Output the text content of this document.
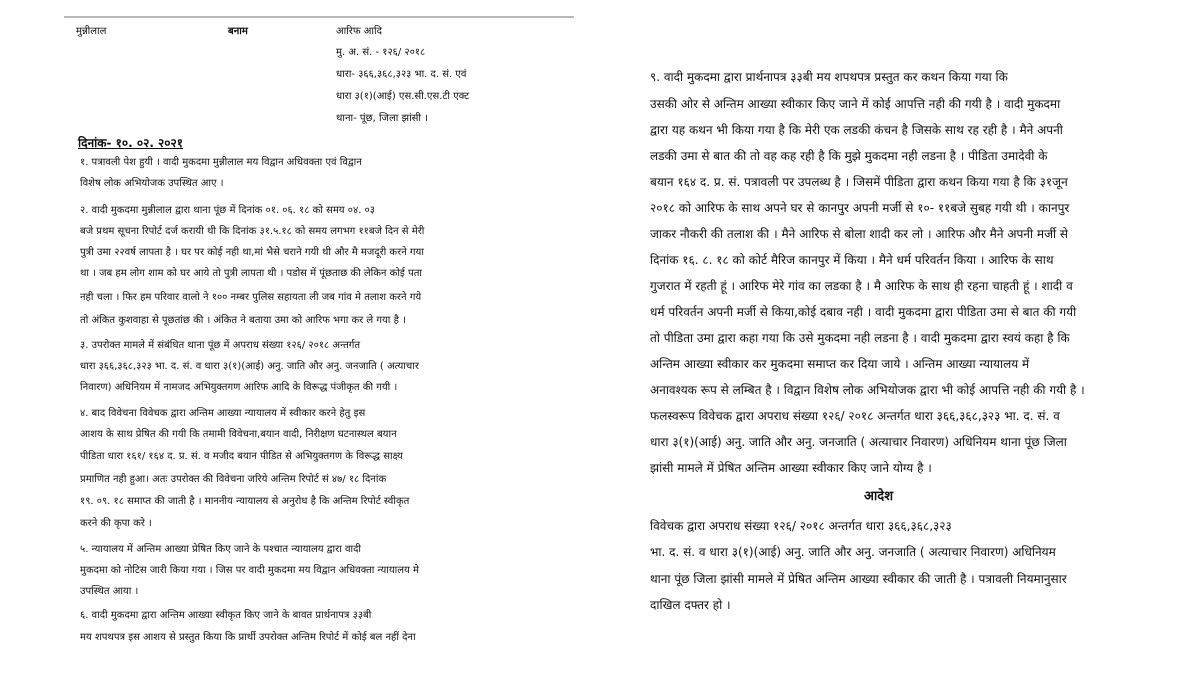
मुन्नीलाल	बनाम	आरिफ आदि
मु. अ. सं. - १२६/ २०१८
धारा- ३६६,३६८,३२३ भा. द. सं. एवं
धारा ३(१)(आई) एस.सी.एस.टी एक्ट
थाना- पूंछ, जिला झांसी ।
दिनांक- १०. ०२. २०२१
१. पत्रावली पेश हुयी । वादी मुकदमा मुन्नीलाल मय विद्वान अधिवक्ता एवं विद्वान
विशेष लोक अभियोजक उपस्थित आए ।
२. वादी मुकदमा मुन्नीलाल द्वारा थाना पूंछ में दिनांक ०१. ०६. १८ को समय ०४. ०३
बजे प्रथम सूचना रिपोर्ट दर्ज करायी थी कि दिनांक ३१.५.१८ को समय लगभग ११बजे दिन से मेरी
पुत्री उमा २२वर्ष लापता है । घर पर कोई नही था,मां भैसे चराने गयी थी और मै मजदूरी करने गया
था । जब हम लोग शाम को घर आये तो पुत्री लापता थी । पडोस में पूंछताछ की लेकिन कोई पता
नही चला । फिर हम परिवार वालो ने १०० नम्बर पुलिस सहायता ली जब गांव मे तलाश करने गये
तो अंकित कुशवाहा से पूछतांछ की । अंकित ने बताया उमा को आरिफ भगा कर ले गया है ।
३. उपरोक्त मामले में संबंधित थाना पूंछ में अपराध संख्या १२६/ २०१८ अन्तर्गत
धारा ३६६,३६८,३२३ भा. द. सं. व धारा ३(१)(आई) अनु. जाति और अनु. जनजाति ( अत्याचार
निवारण) अधिनियम में नामजद अभियुक्तगण आरिफ आदि के विरूद्ध पंजीकृत की गयी ।
४. बाद विवेचना विवेचक द्वारा अन्तिम आख्या न्यायालय में स्वीकार करने हेतु इस
आशय के साथ प्रेषित की गयी कि तमामी विवेचना,बयान वादी, निरीक्षण घटनास्थल बयान
पीडिता धारा १६१/ १६४ द. प्र. सं. व मजीद बयान पीडित से अभियुक्तगण के विरूद्ध साक्ष्य
प्रमाणित नही हुआ। अतः उपरोक्त की विवेचना जरिये अन्तिम रिपोर्ट सं ४७/ १८ दिनांक
१९. ०९. १८ समाप्त की जाती है । माननीय न्यायालय से अनुरोध है कि अन्तिम रिपोर्ट स्वीकृत
करने की कृपा करे ।
५. न्यायालय में अन्तिम आख्या प्रेषित किए जाने के पश्चात न्यायालय द्वारा वादी
मुकदमा को नोटिस जारी किया गया । जिस पर वादी मुकदमा मय विद्वान अधिवक्ता न्यायालय मे
उपस्थित आया ।
६. वादी मुकदमा द्वारा अन्तिम आख्या स्वीकृत किए जाने के बावत प्रार्थनापत्र ३३बी
मय शपथपत्र इस आशय से प्रस्तुत किया कि प्रार्थी उपरोक्त अन्तिम रिपोर्ट में कोई बल नहीं देना
९. वादी मुकदमा द्वारा प्रार्थनापत्र ३३बी मय शपथपत्र प्रस्तुत कर कथन किया गया कि
उसकी ओर से अन्तिम आख्या स्वीकार किए जाने में कोई आपत्ति नही की गयी है । वादी मुकदमा
द्वारा यह कथन भी किया गया है कि मेरी एक लडकी कंचन है जिसके साथ रह रही है । मैने अपनी
लडकी उमा से बात की तो वह कह रही है कि मुझे मुकदमा नही लडना है । पीडिता उमादेवी के
बयान १६४ द. प्र. सं. पत्रावली पर उपलब्ध है । जिसमें पीडिता द्वारा कथन किया गया है कि ३१जून
२०१८ को आरिफ के साथ अपने घर से कानपुर अपनी मर्जी से १०- ११बजे सुबह गयी थी । कानपुर
जाकर नौकरी की तलाश की । मैने आरिफ से बोला शादी कर लो । आरिफ और मैने अपनी मर्जी से
दिनांक १६. ८. १८ को कोर्ट मैरिज कानपुर में किया । मैने धर्म परिवर्तन किया । आरिफ के साथ
गुजरात में रहती हूं । आरिफ मेरे गांव का लडका है । मै आरिफ के साथ ही रहना चाहती हूं । शादी व
धर्म परिवर्तन अपनी मर्जी से किया,कोई दबाव नही । वादी मुकदमा द्वारा पीडिता उमा से बात की गयी
तो पीडिता उमा द्वारा कहा गया कि उसे मुकदमा नही लडना है । वादी मुकदमा द्वारा स्वयं कहा है कि
अन्तिम आख्या स्वीकार कर मुकदमा समाप्त कर दिया जाये । अन्तिम आख्या न्यायालय में
अनावश्यक रूप से लम्बित है । विद्वान विशेष लोक अभियोजक द्वारा भी कोई आपत्ति नही की गयी है ।
फलस्वरूप विवेचक द्वारा अपराध संख्या १२६/ २०१८ अन्तर्गत धारा ३६६,३६८,३२३ भा. द. सं. व
धारा ३(१)(आई) अनु. जाति और अनु. जनजाति ( अत्याचार निवारण) अधिनियम थाना पूंछ जिला
झांसी मामले में प्रेषित अन्तिम आख्या स्वीकार किए जाने योग्य है ।
आदेश
विवेचक द्वारा अपराध संख्या १२६/ २०१८ अन्तर्गत धारा ३६६,३६८,३२३
भा. द. सं. व धारा ३(१)(आई) अनु. जाति और अनु. जनजाति ( अत्याचार निवारण) अधिनियम
थाना पूंछ जिला झांसी मामले में प्रेषित अन्तिम आख्या स्वीकार की जाती है । पत्रावली नियमानुसार
दाखिल दफ्तर हो ।
